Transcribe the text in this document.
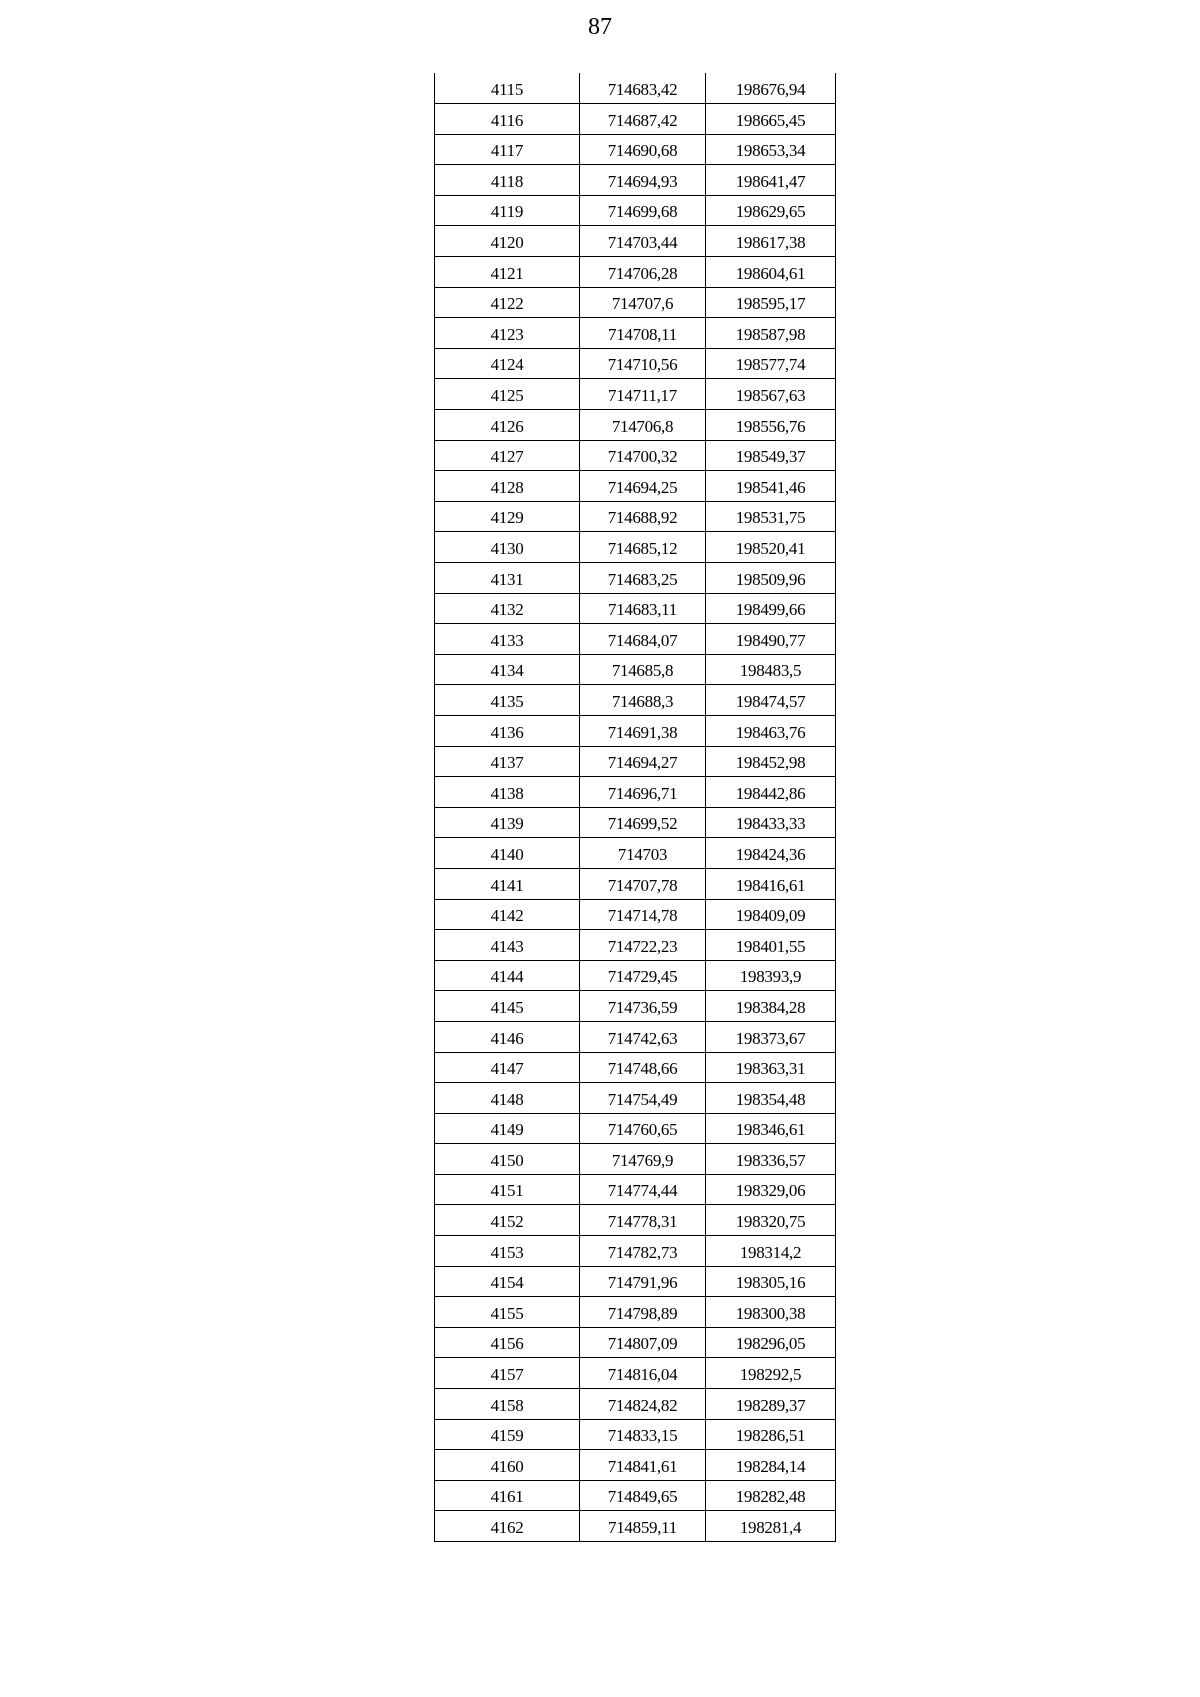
87
4115	714683,42	198676,94
4116	714687,42	198665,45
4117	714690,68	198653,34
4118	714694,93	198641,47
4119	714699,68	198629,65
4120	714703,44	198617,38
4121	714706,28	198604,61
4122	714707,6	198595,17
4123	714708,11	198587,98
4124	714710,56	198577,74
4125	714711,17	198567,63
4126	714706,8	198556,76
4127	714700,32	198549,37
4128	714694,25	198541,46
4129	714688,92	198531,75
4130	714685,12	198520,41
4131	714683,25	198509,96
4132	714683,11	198499,66
4133	714684,07	198490,77
4134	714685,8	198483,5
4135	714688,3	198474,57
4136	714691,38	198463,76
4137	714694,27	198452,98
4138	714696,71	198442,86
4139	714699,52	198433,33
4140	714703	198424,36
4141	714707,78	198416,61
4142	714714,78	198409,09
4143	714722,23	198401,55
4144	714729,45	198393,9
4145	714736,59	198384,28
4146	714742,63	198373,67
4147	714748,66	198363,31
4148	714754,49	198354,48
4149	714760,65	198346,61
4150	714769,9	198336,57
4151	714774,44	198329,06
4152	714778,31	198320,75
4153	714782,73	198314,2
4154	714791,96	198305,16
4155	714798,89	198300,38
4156	714807,09	198296,05
4157	714816,04	198292,5
4158	714824,82	198289,37
4159	714833,15	198286,51
4160	714841,61	198284,14
4161	714849,65	198282,48
4162	714859,11	198281,4
